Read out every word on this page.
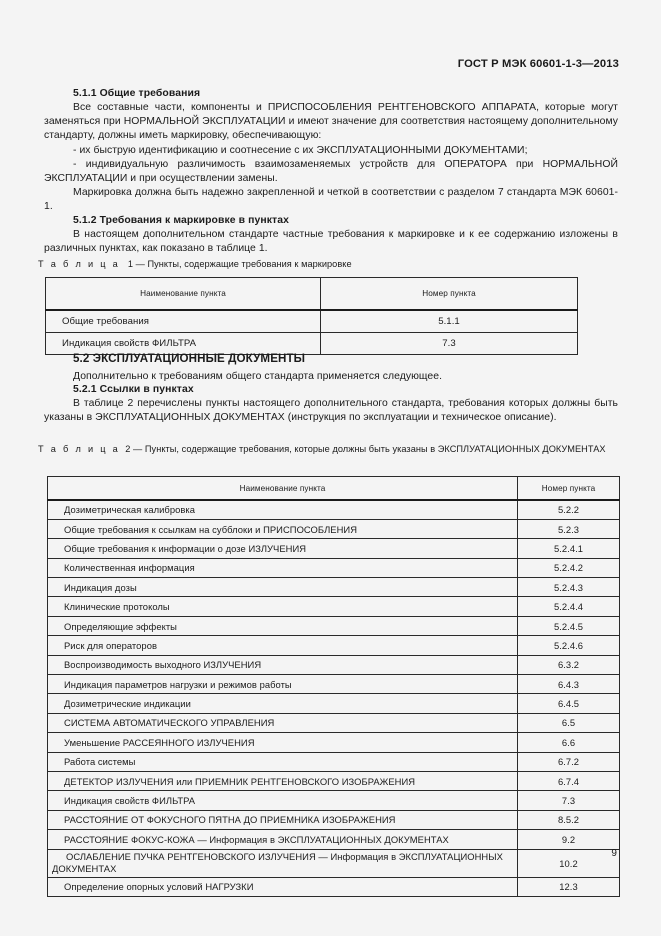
ГОСТ Р МЭК 60601-1-3—2013
5.1.1 Общие требования

Все составные части, компоненты и ПРИСПОСОБЛЕНИЯ РЕНТГЕНОВСКОГО АППАРАТА, которые могут заменяться при НОРМАЛЬНОЙ ЭКСПЛУАТАЦИИ и имеют значение для соответствия настоящему дополнительному стандарту, должны иметь маркировку, обеспечивающую:

- их быструю идентификацию и соотнесение с их ЭКСПЛУАТАЦИОННЫМИ ДОКУМЕНТАМИ;
- индивидуальную различимость взаимозаменяемых устройств для ОПЕРАТОРА при НОРМАЛЬНОЙ ЭКСПЛУАТАЦИИ и при осуществлении замены.

Маркировка должна быть надежно закрепленной и четкой в соответствии с разделом 7 стандарта МЭК 60601-1.

5.1.2 Требования к маркировке в пунктах

В настоящем дополнительном стандарте частные требования к маркировке и к ее содержанию изложены в различных пунктах, как показано в таблице 1.

Т а б л и ц а 1 — Пункты, содержащие требования к маркировке

Наименование пункта	Номер пункта
Общие требования	5.1.1
Индикация свойств ФИЛЬТРА	7.3
5.2 ЭКСПЛУАТАЦИОННЫЕ ДОКУМЕНТЫ

Дополнительно к требованиям общего стандарта применяется следующее.

5.2.1 Ссылки в пунктах

В таблице 2 перечислены пункты настоящего дополнительного стандарта, требования которых должны быть указаны в ЭКСПЛУАТАЦИОННЫХ ДОКУМЕНТАХ (инструкция по эксплуатации и техническое описание).

Т а б л и ц а 2 — Пункты, содержащие требования, которые должны быть указаны в ЭКСПЛУАТАЦИОННЫХ ДОКУМЕНТАХ

Наименование пункта	Номер пункта
Дозиметрическая калибровка	5.2.2
Общие требования к ссылкам на субблоки и ПРИСПОСОБЛЕНИЯ	5.2.3
Общие требования к информации о дозе ИЗЛУЧЕНИЯ	5.2.4.1
Количественная информация	5.2.4.2
Индикация дозы	5.2.4.3
Клинические протоколы	5.2.4.4
Определяющие эффекты	5.2.4.5
Риск для операторов	5.2.4.6
Воспроизводимость выходного ИЗЛУЧЕНИЯ	6.3.2
Индикация параметров нагрузки и режимов работы	6.4.3
Дозиметрические индикации	6.4.5
СИСТЕМА АВТОМАТИЧЕСКОГО УПРАВЛЕНИЯ	6.5
Уменьшение РАССЕЯННОГО ИЗЛУЧЕНИЯ	6.6
Работа системы	6.7.2
ДЕТЕКТОР ИЗЛУЧЕНИЯ или ПРИЕМНИК РЕНТГЕНОВСКОГО ИЗОБРАЖЕНИЯ	6.7.4
Индикация свойств ФИЛЬТРА	7.3
РАССТОЯНИЕ ОТ ФОКУСНОГО ПЯТНА ДО ПРИЕМНИКА ИЗОБРАЖЕНИЯ	8.5.2
РАССТОЯНИЕ ФОКУС-КОЖА — Информация в ЭКСПЛУАТАЦИОННЫХ ДОКУМЕНТАХ	9.2
ОСЛАБЛЕНИЕ ПУЧКА РЕНТГЕНОВСКОГО ИЗЛУЧЕНИЯ — Информация в ЭКСПЛУАТАЦИОННЫХ ДОКУМЕНТАХ	10.2
Определение опорных условий НАГРУЗКИ	12.3
9
